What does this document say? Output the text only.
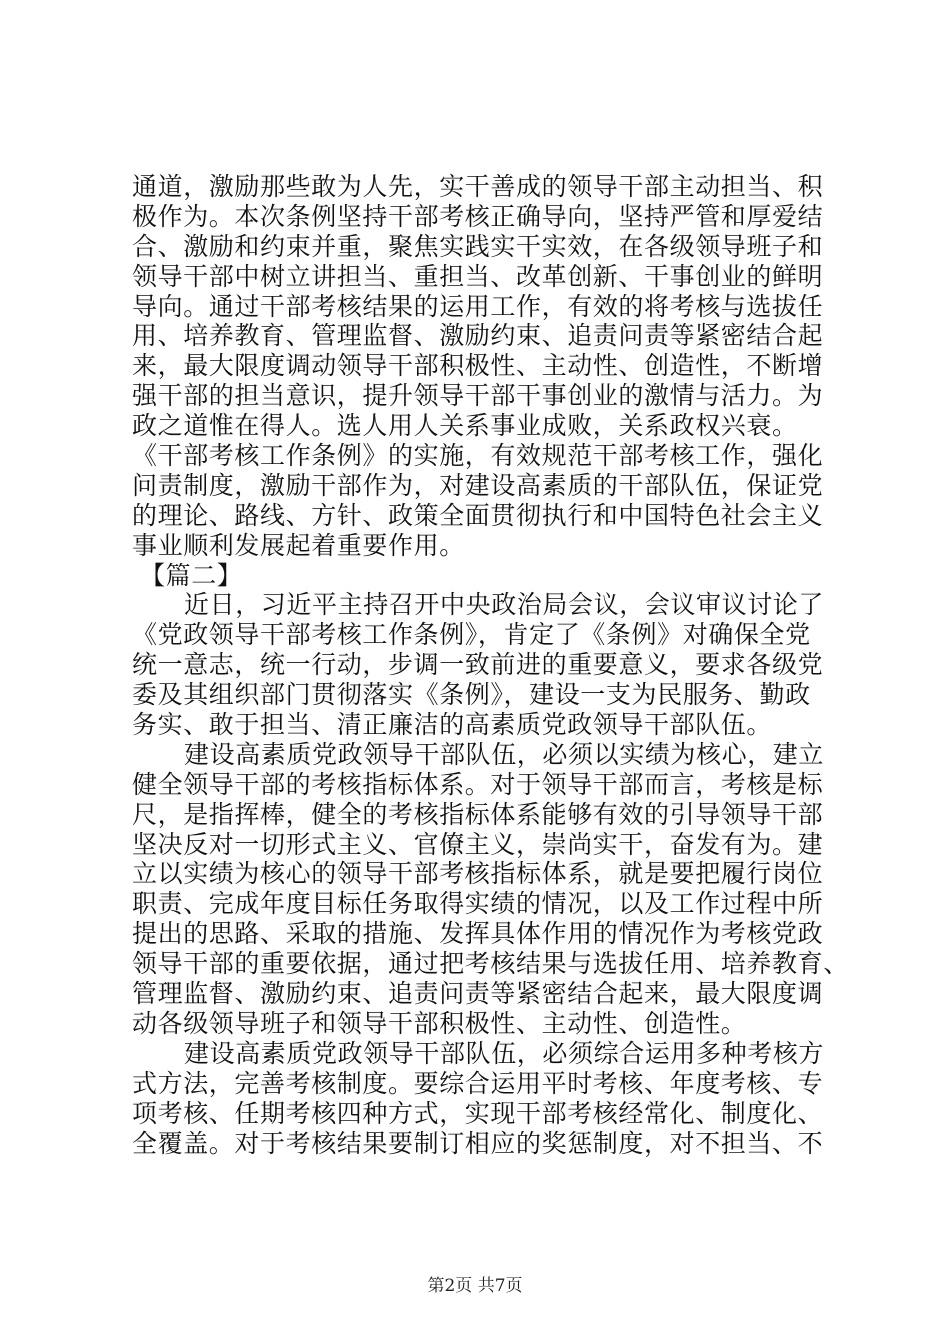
通道，激励那些敢为人先，实干善成的领导干部主动担当、积
极作为。本次条例坚持干部考核正确导向，坚持严管和厚爱结
合、激励和约束并重，聚焦实践实干实效，在各级领导班子和
领导干部中树立讲担当、重担当、改革创新、干事创业的鲜明
导向。通过干部考核结果的运用工作，有效的将考核与选拔任
用、培养教育、管理监督、激励约束、追责问责等紧密结合起
来，最大限度调动领导干部积极性、主动性、创造性，不断增
强干部的担当意识，提升领导干部干事创业的激情与活力。为
政之道惟在得人。选人用人关系事业成败，关系政权兴衰。
《干部考核工作条例》的实施，有效规范干部考核工作，强化
问责制度，激励干部作为，对建设高素质的干部队伍，保证党
的理论、路线、方针、政策全面贯彻执行和中国特色社会主义
事业顺利发展起着重要作用。
【篇二】
近日，习近平主持召开中央政治局会议，会议审议讨论了
《党政领导干部考核工作条例》，肯定了《条例》对确保全党
统一意志，统一行动，步调一致前进的重要意义，要求各级党
委及其组织部门贯彻落实《条例》，建设一支为民服务、勤政
务实、敢于担当、清正廉洁的高素质党政领导干部队伍。
建设高素质党政领导干部队伍，必须以实绩为核心，建立
健全领导干部的考核指标体系。对于领导干部而言，考核是标
尺，是指挥棒，健全的考核指标体系能够有效的引导领导干部
坚决反对一切形式主义、官僚主义，崇尚实干，奋发有为。建
立以实绩为核心的领导干部考核指标体系，就是要把履行岗位
职责、完成年度目标任务取得实绩的情况，以及工作过程中所
提出的思路、采取的措施、发挥具体作用的情况作为考核党政
领导干部的重要依据，通过把考核结果与选拔任用、培养教育、
管理监督、激励约束、追责问责等紧密结合起来，最大限度调
动各级领导班子和领导干部积极性、主动性、创造性。
建设高素质党政领导干部队伍，必须综合运用多种考核方
式方法，完善考核制度。要综合运用平时考核、年度考核、专
项考核、任期考核四种方式，实现干部考核经常化、制度化、
全覆盖。对于考核结果要制订相应的奖惩制度，对不担当、不
第2页 共7页
